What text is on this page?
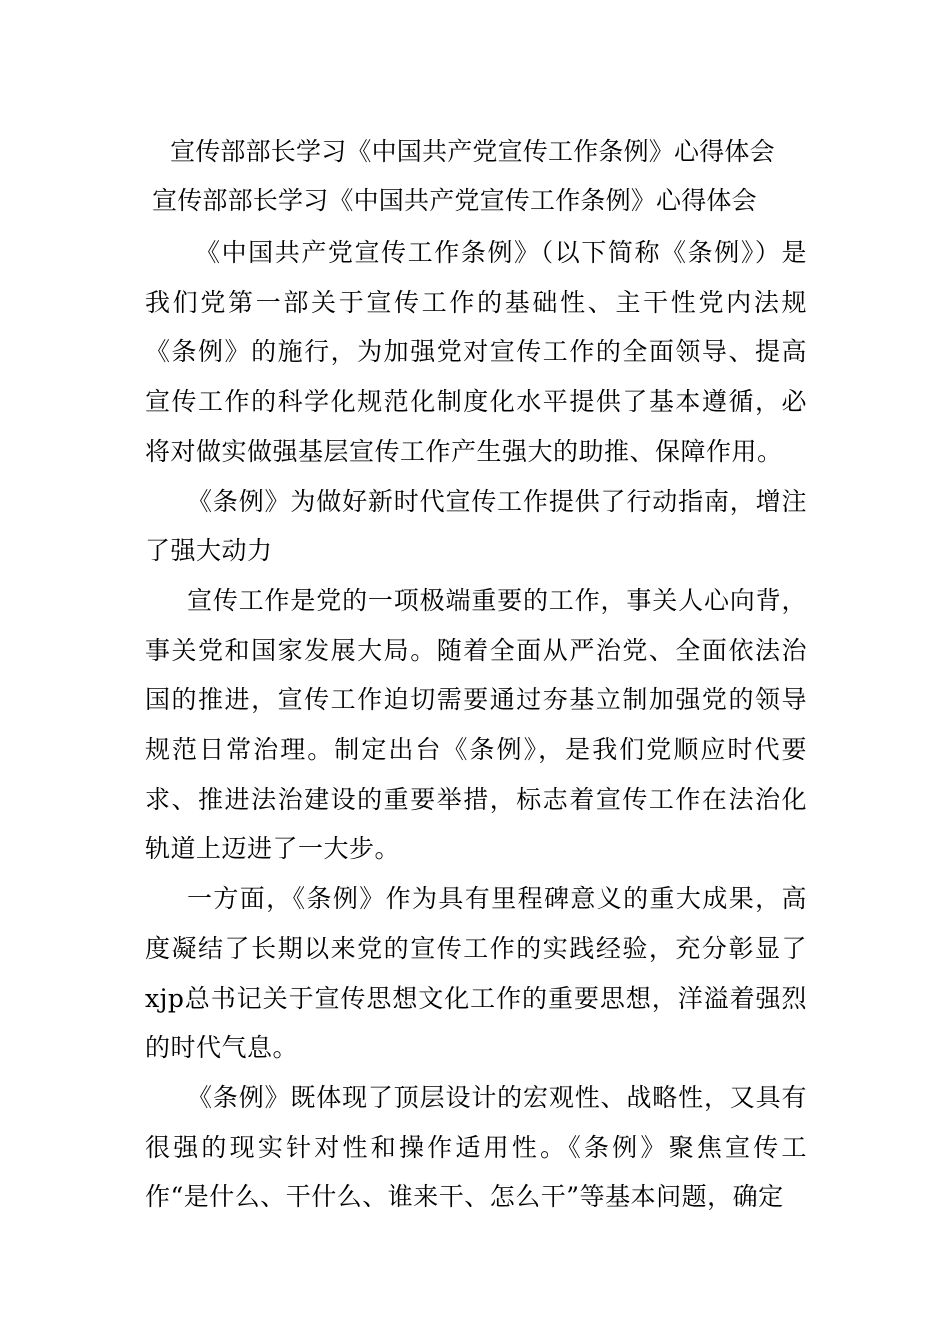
宣传部部长学习《中国共产党宣传工作条例》心得体会
宣传部部长学习《中国共产党宣传工作条例》心得体会

《中国共产党宣传工作条例》（以下简称《条例》）是我们党第一部关于宣传工作的基础性、主干性党内法规《条例》的施行，为加强党对宣传工作的全面领导、提高宣传工作的科学化规范化制度化水平提供了基本遵循，必将对做实做强基层宣传工作产生强大的助推、保障作用。

《条例》为做好新时代宣传工作提供了行动指南，增注了强大动力

宣传工作是党的一项极端重要的工作，事关人心向背，事关党和国家发展大局。随着全面从严治党、全面依法治国的推进，宣传工作迫切需要通过夯基立制加强党的领导规范日常治理。制定出台《条例》，是我们党顺应时代要求、推进法治建设的重要举措，标志着宣传工作在法治化轨道上迈进了一大步。

一方面，《条例》作为具有里程碑意义的重大成果，高度凝结了长期以来党的宣传工作的实践经验，充分彰显了xjp总书记关于宣传思想文化工作的重要思想，洋溢着强烈的时代气息。

《条例》既体现了顶层设计的宏观性、战略性，又具有很强的现实针对性和操作适用性。《条例》聚焦宣传工作“是什么、干什么、谁来干、怎么干”等基本问题，确定
